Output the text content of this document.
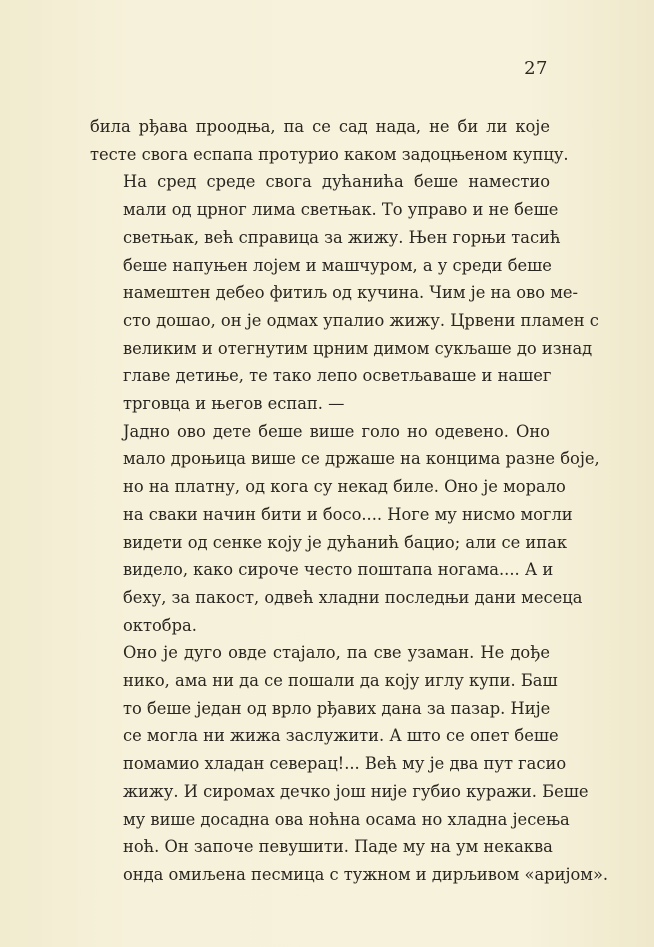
27

била рђава проодња, па се сад нада, не би ли које
тесте свога еспапа протурио каком задоцњеном купцу.

На сред среде свога дућанића беше наместио
мали од црног лима светњак. То управо и не беше
светњак, већ справица за жижу. Њен горњи тасић
беше напуњен лојем и машчуром, а у среди беше
намештен дебео фитиљ од кучина. Чим је на ово ме-
сто дошао, он је одмах упалио жижу. Црвени пламен с
великим и отегнутим црним димом сукљаше до изнад
главе детиње, те тако лепо осветљаваше и нашег
трговца и његов еспап. —

Јадно ово дете беше више голо но одевено. Оно
мало дроњица више се држаше на концима разне боје,
но на платну, од кога су некад биле. Оно је морало
на сваки начин бити и босо.... Ноге му нисмо могли
видети од сенке коју је дућанић бацио; али се ипак
видело, како сироче често поштапа ногама.... А и
беху, за пакост, одвећ хладни последњи дани месеца
октобра.

Оно је дуго овде стајало, па све узаман. Не дође
нико, ама ни да се пошали да коју иглу купи. Баш
то беше један од врло рђавих дана за пазар. Није
се могла ни жижа заслужити. А што се опет беше
помамио хладан северац!... Већ му је два пут гасио
жижу. И сиромах дечко још није губио куражи. Беше
му више досадна ова ноћна осама но хладна јесења
ноћ. Он започе певушити. Паде му на ум некаква
онда омиљена песмица с тужном и дирљивом «аријом».
